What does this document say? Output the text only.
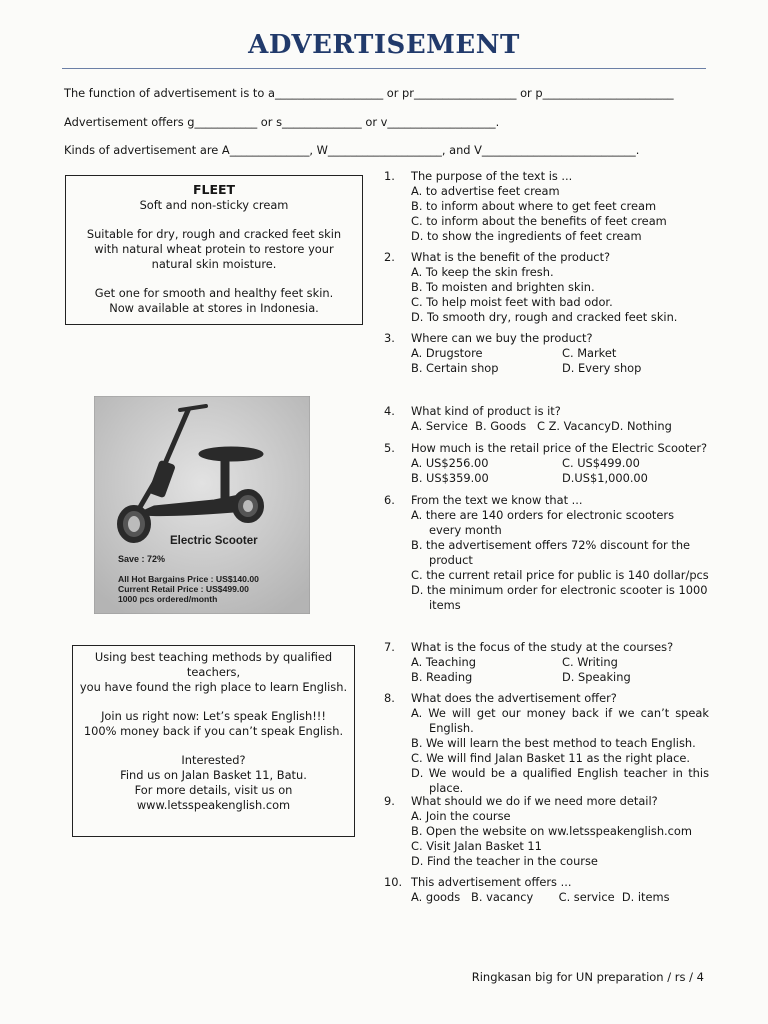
ADVERTISEMENT
The function of advertisement is to a___________________ or pr__________________ or p_______________________
Advertisement offers g___________ or s______________ or v___________________.
Kinds of advertisement are A______________, W____________________, and V___________________________.

FLEET

Soft and non-sticky cream

Suitable for dry, rough and cracked feet skin

with natural wheat protein to restore your

natural skin moisture.

Get one for smooth and healthy feet skin.

Now available at stores in Indonesia.

Electric Scooter
Save : 72%
All Hot Bargains Price : US$140.00
Current Retail Price : US$499.00
1000 pcs ordered/month

Using best teaching methods by qualified

teachers,

you have found the righ place to learn English.

Join us right now: Let’s speak English!!!

100% money back if you can’t speak English.

Interested?

Find us on Jalan Basket 11, Batu.

For more details, visit us on

www.letsspeakenglish.com

1.	The purpose of the text is ...
A. to advertise feet cream
B. to inform about where to get feet cream
C. to inform about the benefits of feet cream
D. to show the ingredients of feet cream
2.	What is the benefit of the product?
A. To keep the skin fresh.
B. To moisten and brighten skin.
C. To help moist feet with bad odor.
D. To smooth dry, rough and cracked feet skin.
3.	Where can we buy the product?
A. Drugstore	C. Market
B. Certain shop	D. Every shop
4.	What kind of product is it?
A. Service  B. Goods   C Z. VacancyD. Nothing
5.	How much is the retail price of the Electric Scooter?
A. US$256.00	C. US$499.00
B. US$359.00	D.US$1,000.00
6.	From the text we know that ...
A. there are 140 orders for electronic scooters every month
B. the advertisement offers 72% discount for the product
C. the current retail price for public is 140 dollar/pcs
D. the minimum order for electronic scooter is 1000 items
7.	What is the focus of the study at the courses?
A. Teaching	C. Writing
B. Reading	D. Speaking
8.	What does the advertisement offer?
A. We will get our money back if we can’t speak English.
B. We will learn the best method to teach English.
C. We will find Jalan Basket 11 as the right place.
D. We would be a qualified English teacher in this place.
9.	What should we do if we need more detail?
A. Join the course
B. Open the website on ww.letsspeakenglish.com
C. Visit Jalan Basket 11
D. Find the teacher in the course
10. This advertisement offers ...
A. goods   B. vacancy       C. service  D. items
Ringkasan big for UN preparation / rs / 4
